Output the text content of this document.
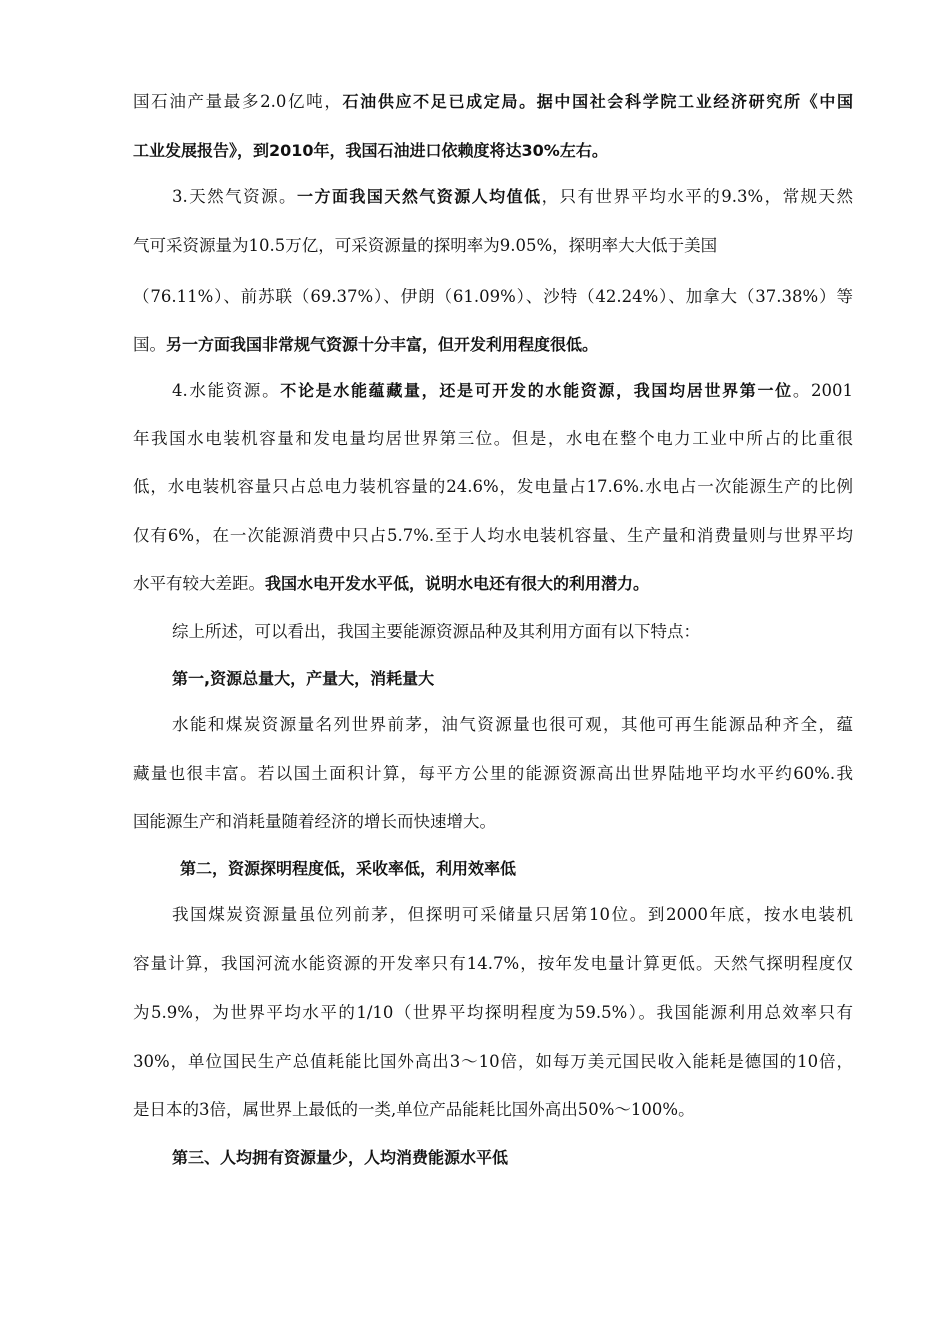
国石油产量最多2.0亿吨，石油供应不足已成定局。据中国社会科学院工业经济研究所《中国
工业发展报告》，到2010年，我国石油进口依赖度将达30%左右。
3.天然气资源。一方面我国天然气资源人均值低，只有世界平均水平的9.3%，常规天然
气可采资源量为10.5万亿，可采资源量的探明率为9.05%，探明率大大低于美国
（76.11%）、前苏联（69.37%）、伊朗（61.09%）、沙特（42.24%）、加拿大（37.38%）等
国。另一方面我国非常规气资源十分丰富，但开发利用程度很低。
4.水能资源。不论是水能蕴藏量，还是可开发的水能资源，我国均居世界第一位。2001
年我国水电装机容量和发电量均居世界第三位。但是，水电在整个电力工业中所占的比重很
低，水电装机容量只占总电力装机容量的24.6%，发电量占17.6%.水电占一次能源生产的比例
仅有6%，在一次能源消费中只占5.7%.至于人均水电装机容量、生产量和消费量则与世界平均
水平有较大差距。我国水电开发水平低，说明水电还有很大的利用潜力。
综上所述，可以看出，我国主要能源资源品种及其利用方面有以下特点：
第一,资源总量大，产量大，消耗量大
水能和煤炭资源量名列世界前茅，油气资源量也很可观，其他可再生能源品种齐全，蕴
藏量也很丰富。若以国土面积计算，每平方公里的能源资源高出世界陆地平均水平约60%.我
国能源生产和消耗量随着经济的增长而快速增大。
第二，资源探明程度低，采收率低，利用效率低
我国煤炭资源量虽位列前茅，但探明可采储量只居第10位。到2000年底，按水电装机
容量计算，我国河流水能资源的开发率只有14.7%，按年发电量计算更低。天然气探明程度仅
为5.9%，为世界平均水平的1/10（世界平均探明程度为59.5%）。我国能源利用总效率只有
30%，单位国民生产总值耗能比国外高出3～10倍，如每万美元国民收入能耗是德国的10倍，
是日本的3倍，属世界上最低的一类,单位产品能耗比国外高出50%～100%。
第三、人均拥有资源量少，人均消费能源水平低
